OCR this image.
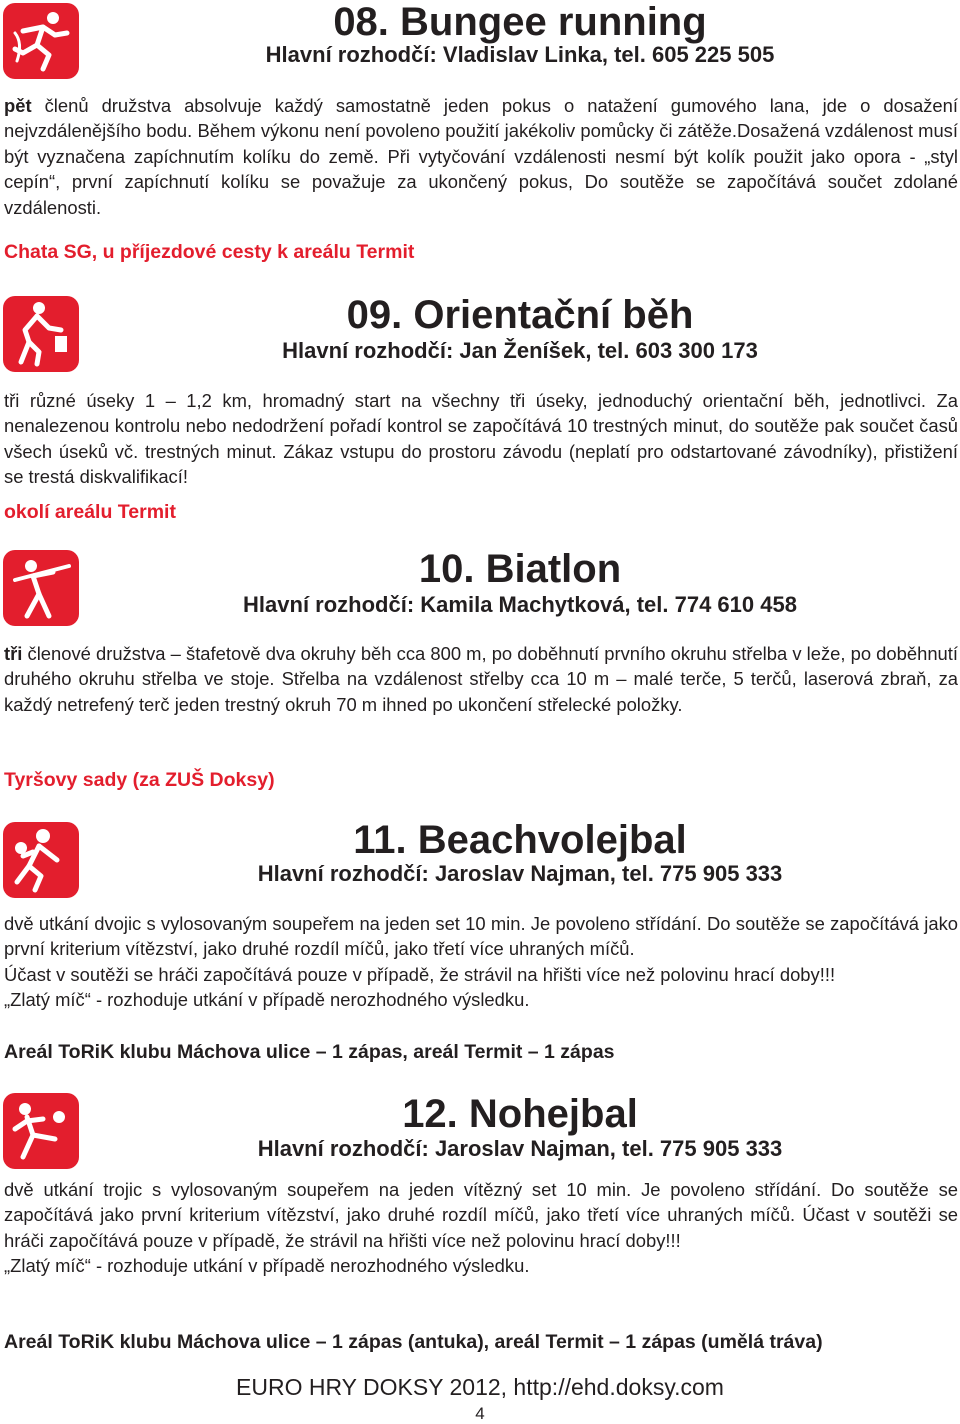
08. Bungee running
Hlavní rozhodčí: Vladislav Linka, tel. 605 225 505

pět členů družstva absolvuje každý samostatně jeden pokus o natažení gumového lana, jde o dosažení nejvzdálenějšího bodu. Během výkonu není povoleno použití jakékoliv pomůcky či zátěže.Dosažená vzdálenost musí být vyznačena zapíchnutím kolíku do země. Při vytyčování vzdálenosti nesmí být kolík použit jako opora - „styl cepín“, první zapíchnutí kolíku se považuje za ukončený pokus, Do soutěže se započítává součet zdolané vzdálenosti.

Chata SG, u příjezdové cesty k areálu Termit
09. Orientační běh
Hlavní rozhodčí: Jan Ženíšek, tel. 603 300 173

tři různé úseky 1 – 1,2 km, hromadný start na všechny tři úseky, jednoduchý orientační běh, jednotlivci. Za nenalezenou kontrolu nebo nedodržení pořadí kontrol se započítává 10 trestných minut, do soutěže pak součet časů všech úseků vč. trestných minut. Zákaz vstupu do prostoru závodu (neplatí pro odstartované závodníky), přistižení se trestá diskvalifikací!

okolí areálu Termit
10. Biatlon
Hlavní rozhodčí: Kamila Machytková, tel. 774 610 458

tři členové družstva – štafetově dva okruhy běh cca 800 m, po doběhnutí prvního okruhu střelba v leže, po doběhnutí druhého okruhu střelba ve stoje. Střelba na vzdálenost střelby cca 10 m – malé terče, 5 terčů, laserová zbraň, za každý netrefený terč jeden trestný okruh 70 m ihned po ukončení střelecké položky.

Tyršovy sady (za ZUŠ Doksy)
11. Beachvolejbal
Hlavní rozhodčí: Jaroslav Najman, tel. 775 905 333

dvě utkání dvojic s vylosovaným soupeřem na jeden set 10 min. Je povoleno střídání. Do soutěže se započítává jako první kriterium vítězství, jako druhé rozdíl míčů, jako třetí více uhraných míčů.

Účast v soutěži se hráči započítává pouze v případě, že strávil na hřišti více než polovinu hrací doby!!!

„Zlatý míč“ - rozhoduje utkání v případě nerozhodného výsledku.

Areál ToRiK klubu Máchova ulice – 1 zápas, areál Termit – 1 zápas
12. Nohejbal
Hlavní rozhodčí: Jaroslav Najman, tel. 775 905 333

dvě utkání trojic s vylosovaným soupeřem na jeden vítězný set 10 min. Je povoleno střídání. Do soutěže se započítává jako první kriterium vítězství, jako druhé rozdíl míčů, jako třetí více uhraných míčů. Účast v soutěži se hráči započítává pouze v případě, že strávil na hřišti více než polovinu hrací doby!!!

„Zlatý míč“ - rozhoduje utkání v případě nerozhodného výsledku.

Areál ToRiK klubu Máchova ulice – 1 zápas (antuka), areál Termit – 1 zápas (umělá tráva)
EURO HRY DOKSY 2012, http://ehd.doksy.com
4
